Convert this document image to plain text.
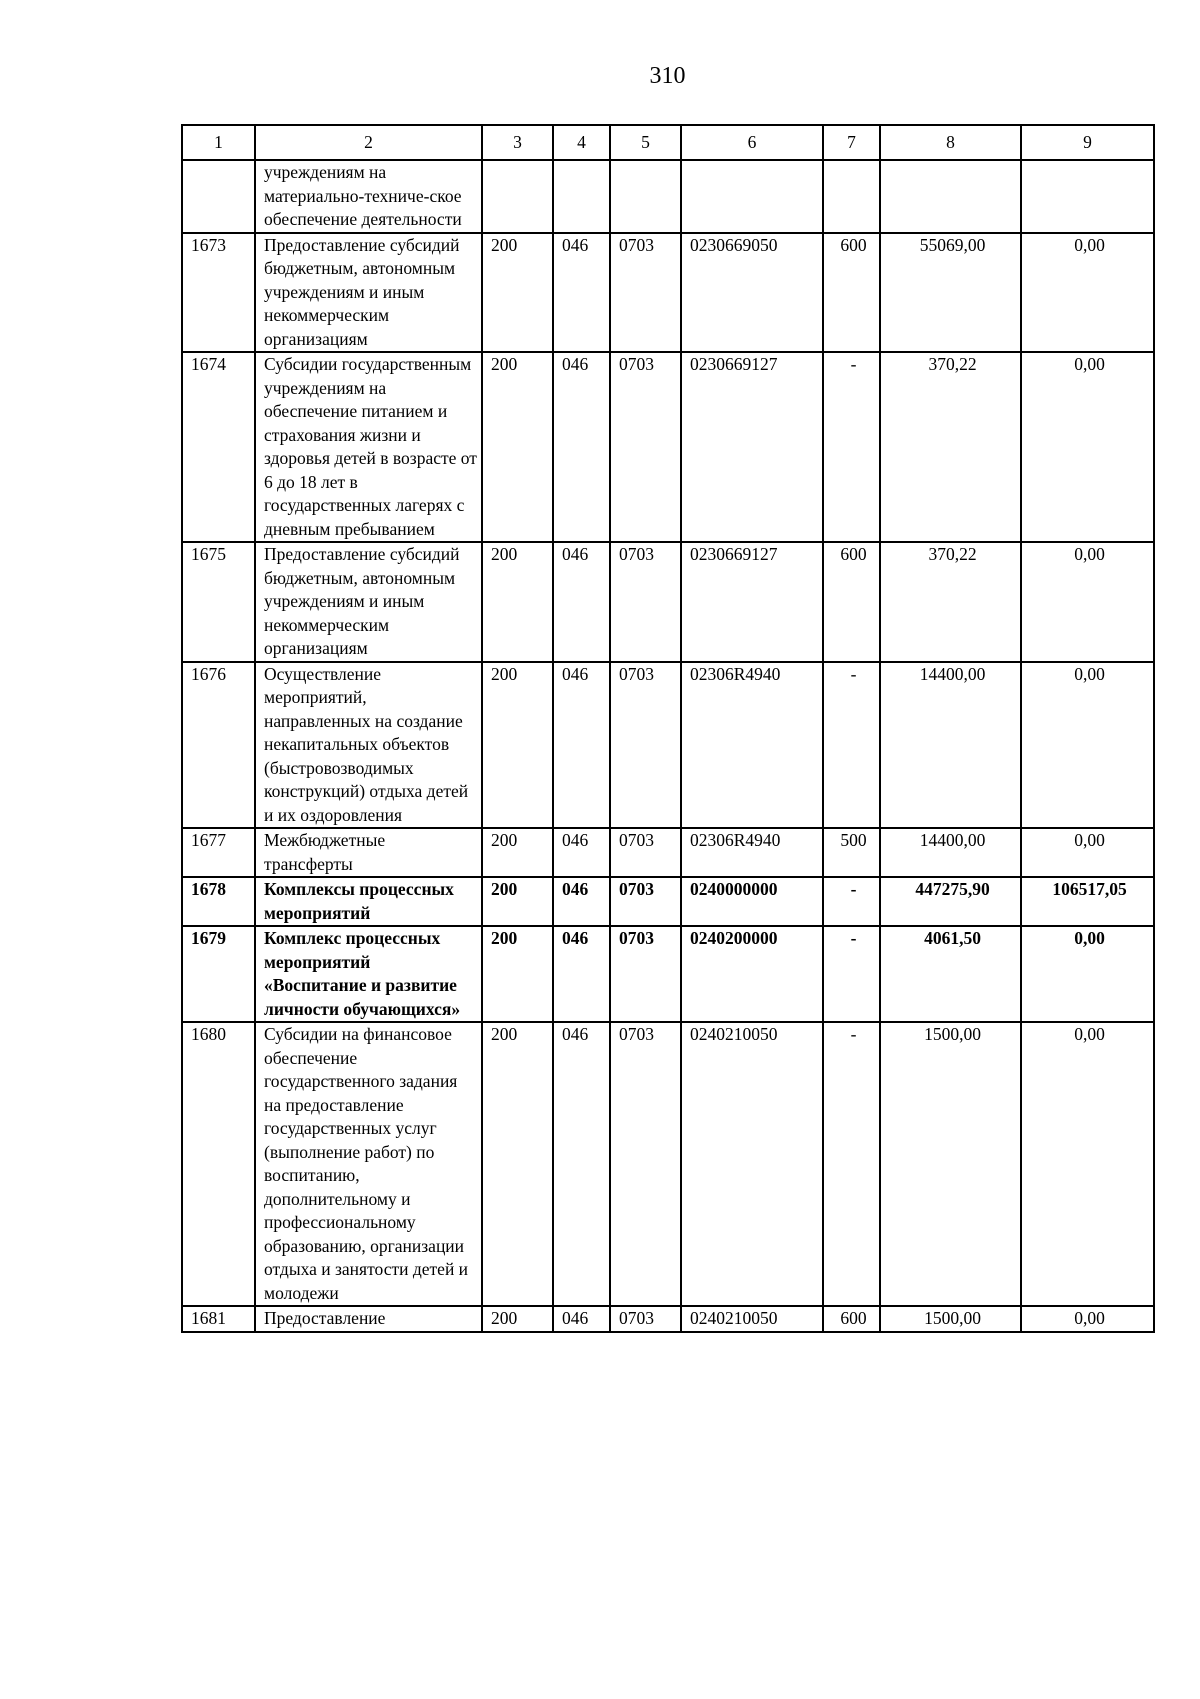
310
1	2	3	4	5	6	7	8	9
	учреждениям на материально-техниче-ское обеспечение деятельности							
1673	Предоставление субсидий бюджетным, автономным учреждениям и иным некоммерческим организациям	200	046	0703	0230669050	600	55069,00	0,00
1674	Субсидии государственным учреждениям на обеспечение питанием и страхования жизни и здоровья детей в возрасте от 6 до 18 лет в государственных лагерях с дневным пребыванием	200	046	0703	0230669127	-	370,22	0,00
1675	Предоставление субсидий бюджетным, автономным учреждениям и иным некоммерческим организациям	200	046	0703	0230669127	600	370,22	0,00
1676	Осуществление мероприятий, направленных на создание некапитальных объектов (быстровозводимых конструкций) отдыха детей и их оздоровления	200	046	0703	02306R4940	-	14400,00	0,00
1677	Межбюджетные трансферты	200	046	0703	02306R4940	500	14400,00	0,00
1678	Комплексы процессных мероприятий	200	046	0703	0240000000	-	447275,90	106517,05
1679	Комплекс процессных мероприятий «Воспитание и развитие личности обучающихся»	200	046	0703	0240200000	-	4061,50	0,00
1680	Субсидии на финансовое обеспечение государственного задания на предоставление государственных услуг (выполнение работ) по воспитанию, дополнительному и профессиональному образованию, организации отдыха и занятости детей и молодежи	200	046	0703	0240210050	-	1500,00	0,00
1681	Предоставление	200	046	0703	0240210050	600	1500,00	0,00
